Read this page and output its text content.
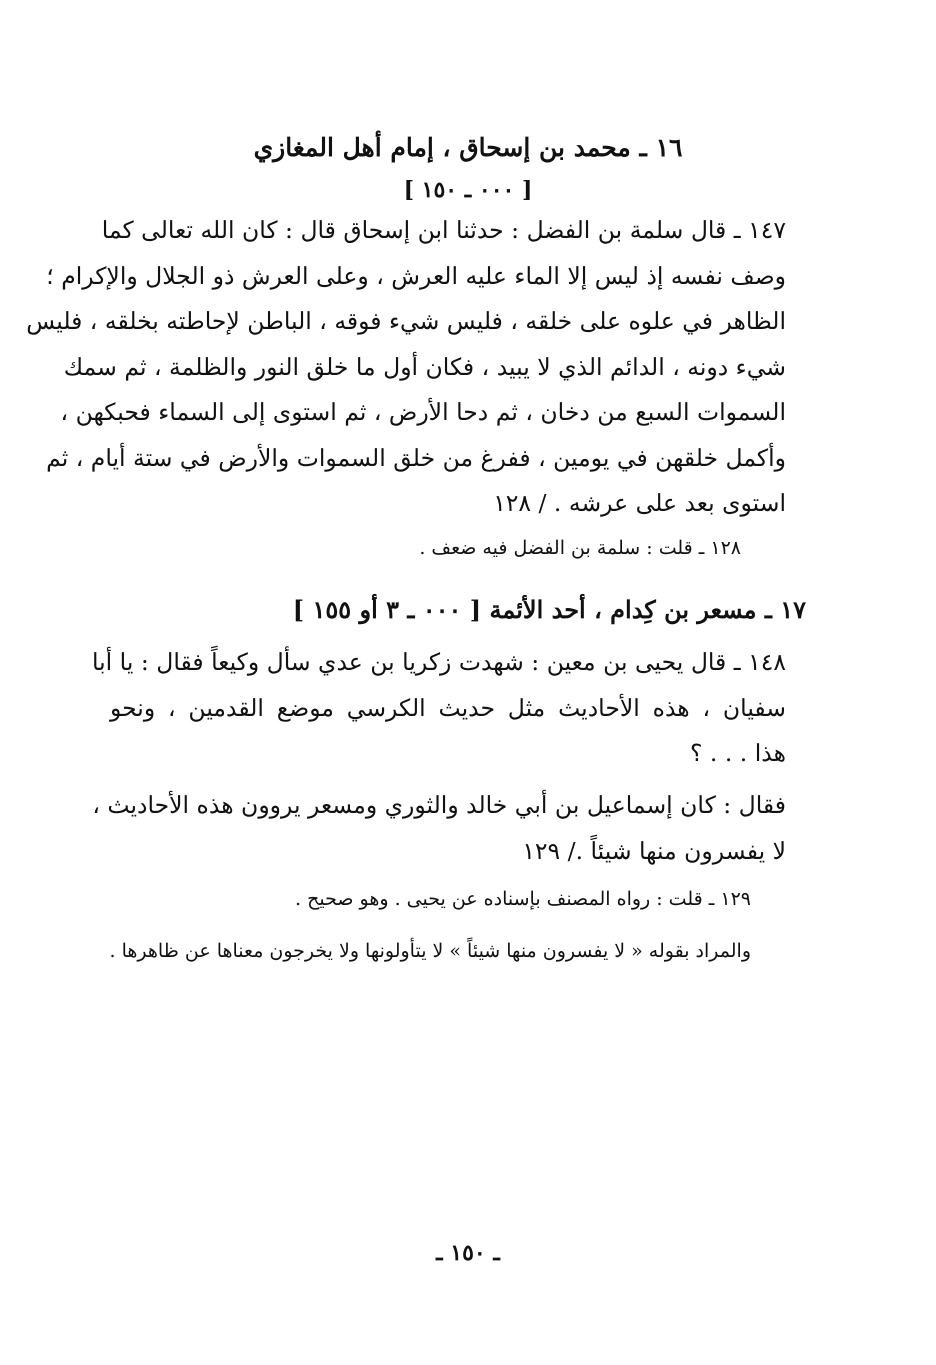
١٦ ـ محمد بن إسحاق ، إمام أهل المغازي
[ ٠٠٠ ـ ١٥٠ ]
١٤٧ ـ قال سلمة بن الفضل : حدثنا ابن إسحاق قال : كان الله تعالى كما
وصف نفسه إذ ليس إلا الماء عليه العرش ، وعلى العرش ذو الجلال والإكرام ؛
الظاهر في علوه على خلقه ، فليس شيء فوقه ، الباطن لإحاطته بخلقه ، فليس
شيء دونه ، الدائم الذي لا يبيد ، فكان أول ما خلق النور والظلمة ، ثم سمك
السموات السبع من دخان ، ثم دحا الأرض ، ثم استوى إلى السماء فحبكهن ،
وأكمل خلقهن في يومين ، ففرغ من خلق السموات والأرض في ستة أيام ، ثم
استوى بعد على عرشه . / ١٢٨
١٢٨ ـ قلت : سلمة بن الفضل فيه ضعف .
١٧ ـ مسعر بن كِدام ، أحد الأئمة [ ٠٠٠ ـ ٣ أو ١٥٥ ]
١٤٨ ـ قال يحيى بن معين : شهدت زكريا بن عدي سأل وكيعاً فقال : يا أبا
سفيان ، هذه الأحاديث مثل حديث الكرسي موضع القدمين ، ونحو
هذا . . . ؟
فقال : كان إسماعيل بن أبي خالد والثوري ومسعر يروون هذه الأحاديث ،
لا يفسرون منها شيئاً ./ ١٢٩
١٢٩ ـ قلت : رواه المصنف بإسناده عن يحيى . وهو صحيح .
والمراد بقوله « لا يفسرون منها شيئاً » لا يتأولونها ولا يخرجون معناها عن ظاهرها .
ـ ١٥٠ ـ
